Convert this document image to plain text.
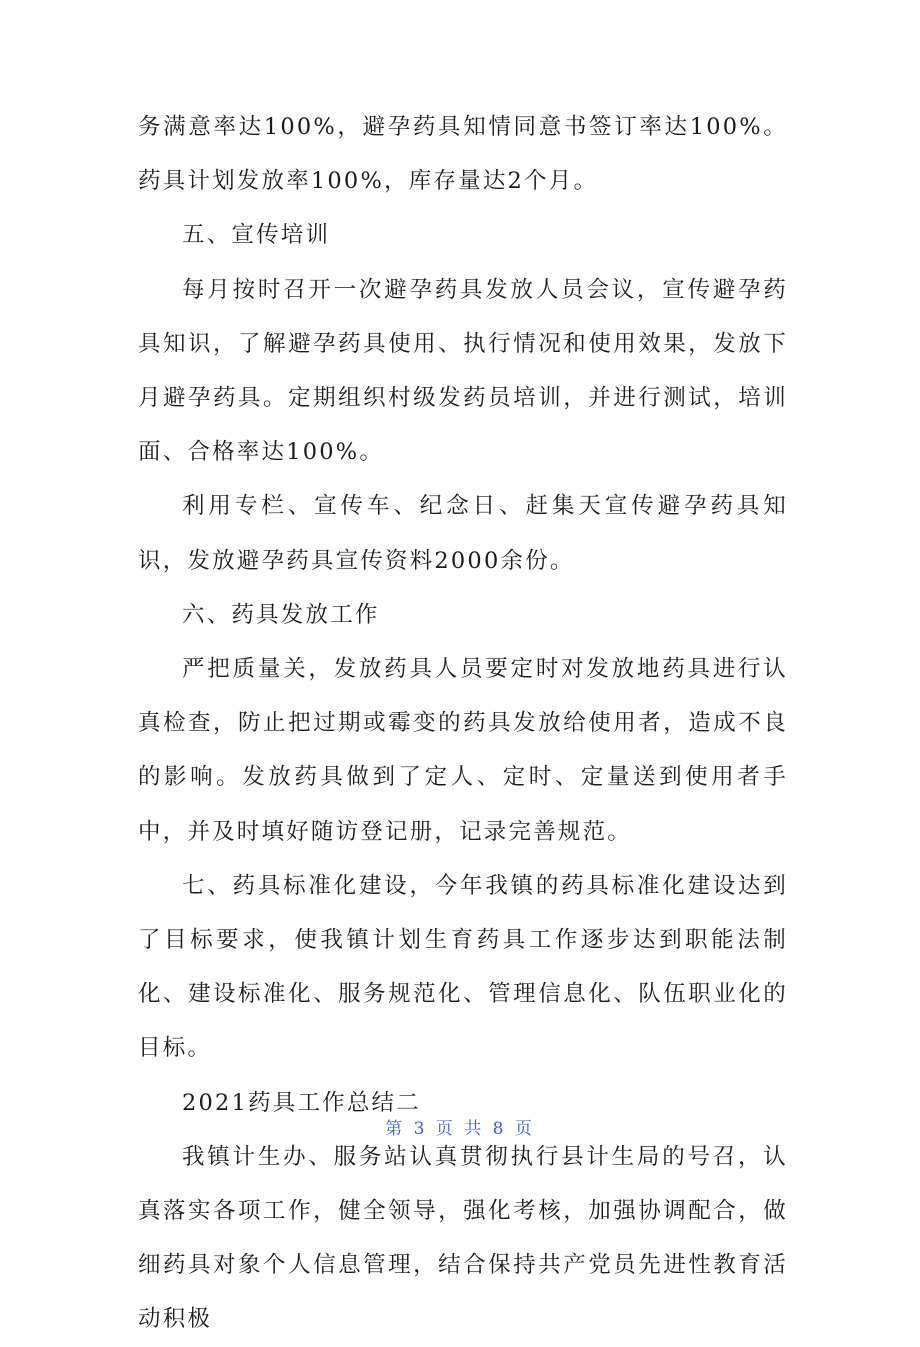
务满意率达100%，避孕药具知情同意书签订率达100%。药具计划发放率100%，库存量达2个月。

五、宣传培训

每月按时召开一次避孕药具发放人员会议，宣传避孕药具知识，了解避孕药具使用、执行情况和使用效果，发放下月避孕药具。定期组织村级发药员培训，并进行测试，培训面、合格率达100%。

利用专栏、宣传车、纪念日、赶集天宣传避孕药具知识，发放避孕药具宣传资料2000余份。

六、药具发放工作

严把质量关，发放药具人员要定时对发放地药具进行认真检查，防止把过期或霉变的药具发放给使用者，造成不良的影响。发放药具做到了定人、定时、定量送到使用者手中，并及时填好随访登记册，记录完善规范。

七、药具标准化建设，今年我镇的药具标准化建设达到了目标要求，使我镇计划生育药具工作逐步达到职能法制化、建设标准化、服务规范化、管理信息化、队伍职业化的目标。

2021药具工作总结二

我镇计生办、服务站认真贯彻执行县计生局的号召，认真落实各项工作，健全领导，强化考核，加强协调配合，做细药具对象个人信息管理，结合保持共产党员先进性教育活动积极

第 3 页 共 8 页
